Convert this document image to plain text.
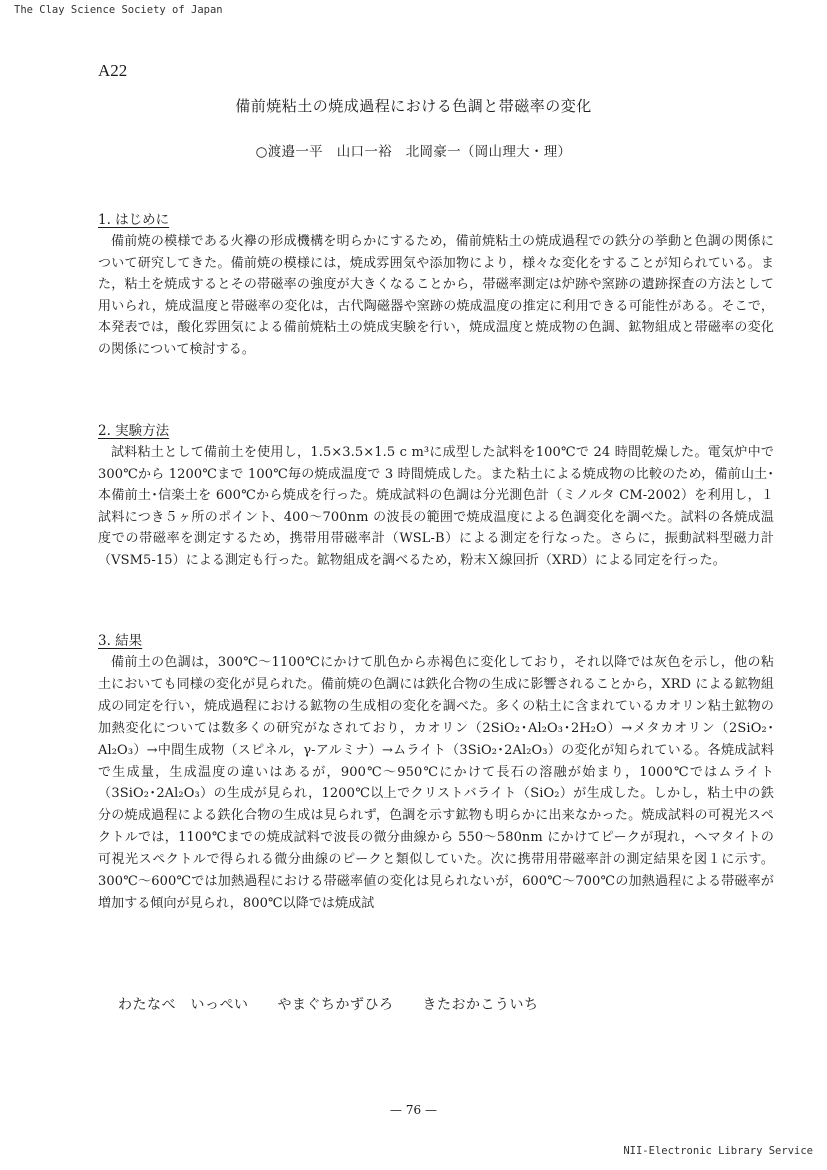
The Clay Science Society of Japan
A22
備前焼粘土の焼成過程における色調と帯磁率の変化
○渡邉一平　山口一裕　北岡豪一（岡山理大・理）
1. はじめに

備前焼の模様である火襷の形成機構を明らかにするため，備前焼粘土の焼成過程での鉄分の挙動と色調の関係について研究してきた。備前焼の模様には，焼成雰囲気や添加物により，様々な変化をすることが知られている。また，粘土を焼成するとその帯磁率の強度が大きくなることから，帯磁率測定は炉跡や窯跡の遺跡探査の方法として用いられ，焼成温度と帯磁率の変化は，古代陶磁器や窯跡の焼成温度の推定に利用できる可能性がある。そこで，本発表では，酸化雰囲気による備前焼粘土の焼成実験を行い，焼成温度と焼成物の色調、鉱物組成と帯磁率の変化の関係について検討する。

2. 実験方法

試料粘土として備前土を使用し，1.5×3.5×1.5 c m³に成型した試料を100℃で 24 時間乾燥した。電気炉中で 300℃から 1200℃まで 100℃毎の焼成温度で 3 時間焼成した。また粘土による焼成物の比較のため，備前山土･本備前土･信楽土を 600℃から焼成を行った。焼成試料の色調は分光測色計（ミノルタ CM-2002）を利用し，１試料につき５ヶ所のポイント、400～700nm の波長の範囲で焼成温度による色調変化を調べた。試料の各焼成温度での帯磁率を測定するため，携帯用帯磁率計（WSL-B）による測定を行なった。さらに，振動試料型磁力計（VSM5-15）による測定も行った。鉱物組成を調べるため，粉末Ｘ線回折（XRD）による同定を行った。

3. 結果

備前土の色調は，300℃～1100℃にかけて肌色から赤褐色に変化しており，それ以降では灰色を示し，他の粘土においても同様の変化が見られた。備前焼の色調には鉄化合物の生成に影響されることから，XRD による鉱物組成の同定を行い，焼成過程における鉱物の生成相の変化を調べた。多くの粘土に含まれているカオリン粘土鉱物の加熱変化については数多くの研究がなされており，カオリン（2SiO₂･Al₂O₃･2H₂O）→メタカオリン（2SiO₂･Al₂O₃）→中間生成物（スピネル，γ-アルミナ）→ムライト（3SiO₂･2Al₂O₃）の変化が知られている。各焼成試料で生成量，生成温度の違いはあるが，900℃～950℃にかけて長石の溶融が始まり，1000℃ではムライト（3SiO₂･2Al₂O₃）の生成が見られ，1200℃以上でクリストバライト（SiO₂）が生成した。しかし，粘土中の鉄分の焼成過程による鉄化合物の生成は見られず，色調を示す鉱物も明らかに出来なかった。焼成試料の可視光スペクトルでは，1100℃までの焼成試料で波長の微分曲線から 550～580nm にかけてピークが現れ，ヘマタイトの可視光スペクトルで得られる微分曲線のピークと類似していた。次に携帯用帯磁率計の測定結果を図１に示す。300℃～600℃では加熱過程における帯磁率値の変化は見られないが，600℃～700℃の加熱過程による帯磁率が増加する傾向が見られ，800℃以降では焼成試

わたなべ　いっぺい　　やまぐちかずひろ　　きたおかこういち
— 76 —
NII-Electronic Library Service
